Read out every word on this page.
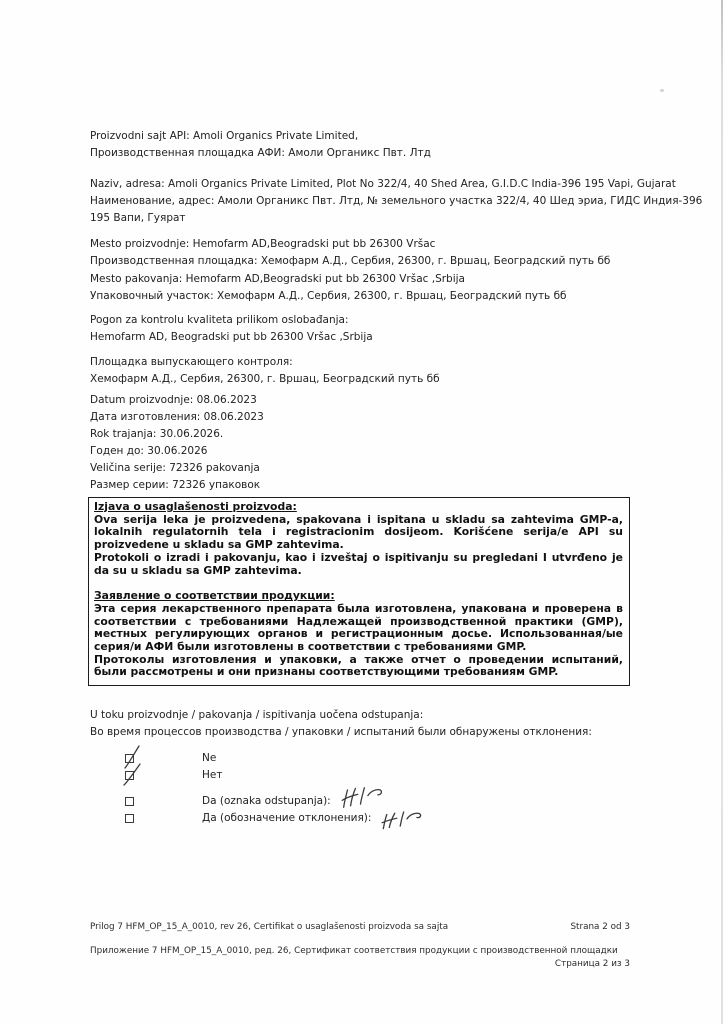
Proizvodni sajt API: Amoli Organics Private Limited,
Производственная площадка АФИ: Амоли Органикс Пвт. Лтд
Naziv, adresa: Amoli Organics Private Limited, Plot No 322/4, 40 Shed Area, G.I.D.C India-396 195 Vapi, Gujarat
Наименование, адрес: Амоли Органикс Пвт. Лтд, № земельного участка 322/4, 40 Шед эриа, ГИДС Индия-396 195 Вапи, Гуярат
Mesto proizvodnje: Hemofarm AD,Beogradski put bb 26300 Vršac
Производственная площадка: Хемофарм А.Д., Сербия, 26300, г. Вршац, Београдский путь бб
Mesto pakovanja: Hemofarm AD,Beogradski put bb 26300 Vršac ,Srbija
Упаковочный участок: Хемофарм А.Д., Сербия, 26300, г. Вршац, Београдский путь бб
Pogon za kontrolu kvaliteta prilikom oslobađanja:
Hemofarm AD, Beogradski put bb 26300 Vršac ,Srbija
Площадка выпускающего контроля:
Хемофарм А.Д., Сербия, 26300, г. Вршац, Београдский путь бб
Datum proizvodnje: 08.06.2023
Дата изготовления: 08.06.2023
Rok trajanja: 30.06.2026.
Годен до: 30.06.2026
Veličina serije: 72326 pakovanja
Размер серии: 72326 упаковок

Izjava o usaglašenosti proizvoda:

Ova serija leka je proizvedena, spakovana i ispitana u skladu sa zahtevima GMP-a, lokalnih regulatornih tela i registracionim dosijeom. Korišćene serija/e API su proizvedene u skladu sa GMP zahtevima.

Protokoli o izradi i pakovanju, kao i izveštaj o ispitivanju su pregledani I utvrđeno je da su u skladu sa GMP zahtevima.

Заявление о соответствии продукции:

Эта серия лекарственного препарата была изготовлена, упакована и проверена в соответствии с требованиями Надлежащей производственной практики (GMP), местных регулирующих органов и регистрационным досье. Использованная/ые серия/и АФИ были изготовлены в соответствии с требованиями GMP.

Протоколы изготовления и упаковки, а также отчет о проведении испытаний, были рассмотрены и они признаны соответствующими требованиям GMP.

U toku proizvodnje / pakovanja / ispitivanja uočena odstupanja:
Во время процессов производства / упаковки / испытаний были обнаружены отклонения:
Ne
Нет
Da (oznaka odstupanja):
Да (обозначение отклонения):
Prilog 7 HFM_OP_15_A_0010, rev 26, Certifikat o usaglašenosti proizvoda sa sajta	Strana 2 od 3
Приложение 7 HFM_OP_15_A_0010, ред. 26, Сертификат соответствия продукции с производственной площадки
Страница 2 из 3
